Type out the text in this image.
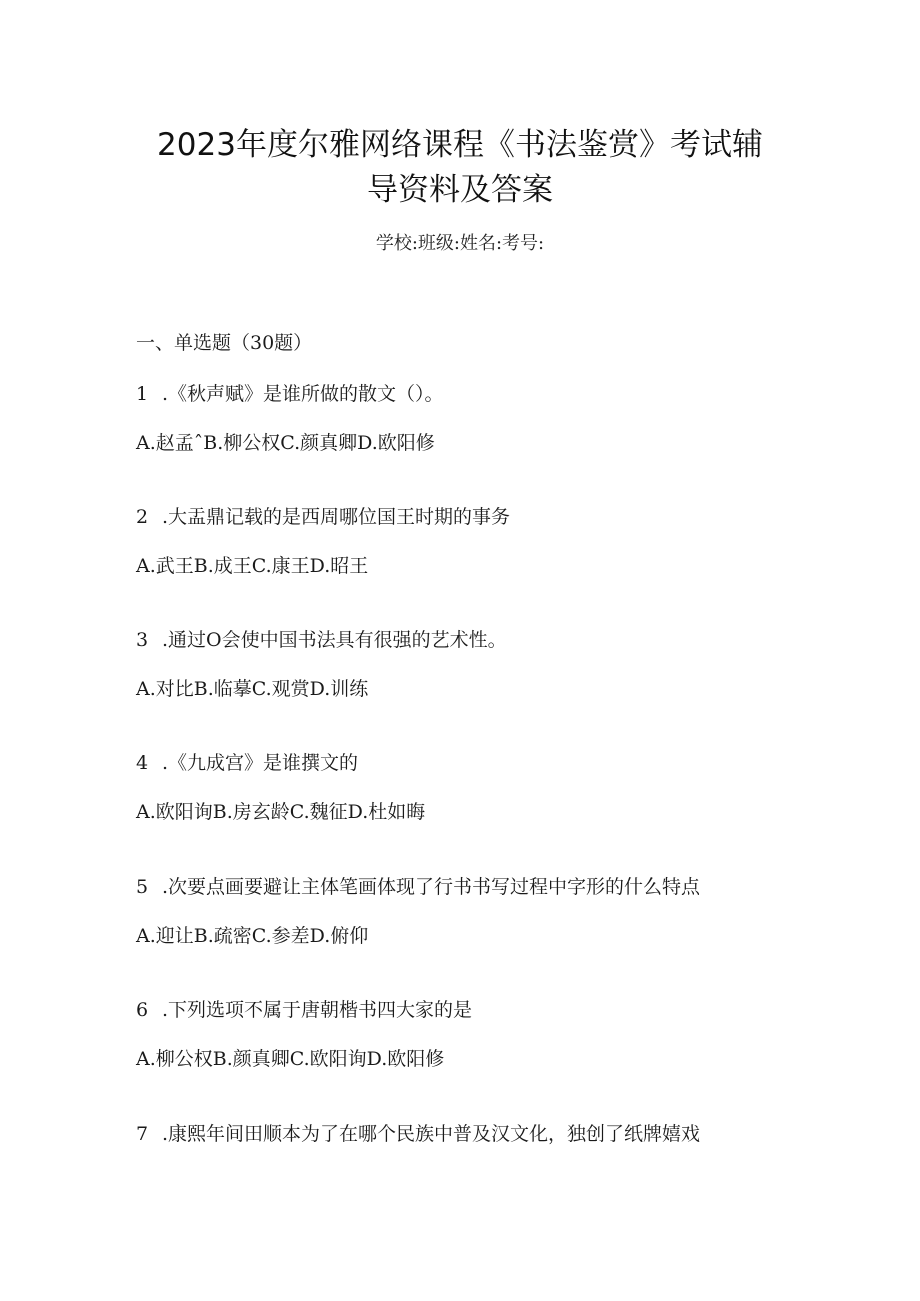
2023年度尔雅网络课程《书法鉴赏》考试辅
导资料及答案
学校:班级:姓名:考号:
一、单选题（30题）
1 .《秋声赋》是谁所做的散文（）。
A.赵孟ˆB.柳公权C.颜真卿D.欧阳修
2 .大盂鼎记载的是西周哪位国王时期的事务
A.武王B.成王C.康王D.昭王
3 .通过O会使中国书法具有很强的艺术性。
A.对比B.临摹C.观赏D.训练
4 .《九成宫》是谁撰文的
A.欧阳询B.房玄龄C.魏征D.杜如晦
5 .次要点画要避让主体笔画体现了行书书写过程中字形的什么特点
A.迎让B.疏密C.参差D.俯仰
6 .下列选项不属于唐朝楷书四大家的是
A.柳公权B.颜真卿C.欧阳询D.欧阳修
7 .康熙年间田顺本为了在哪个民族中普及汉文化，独创了纸牌嬉戏
